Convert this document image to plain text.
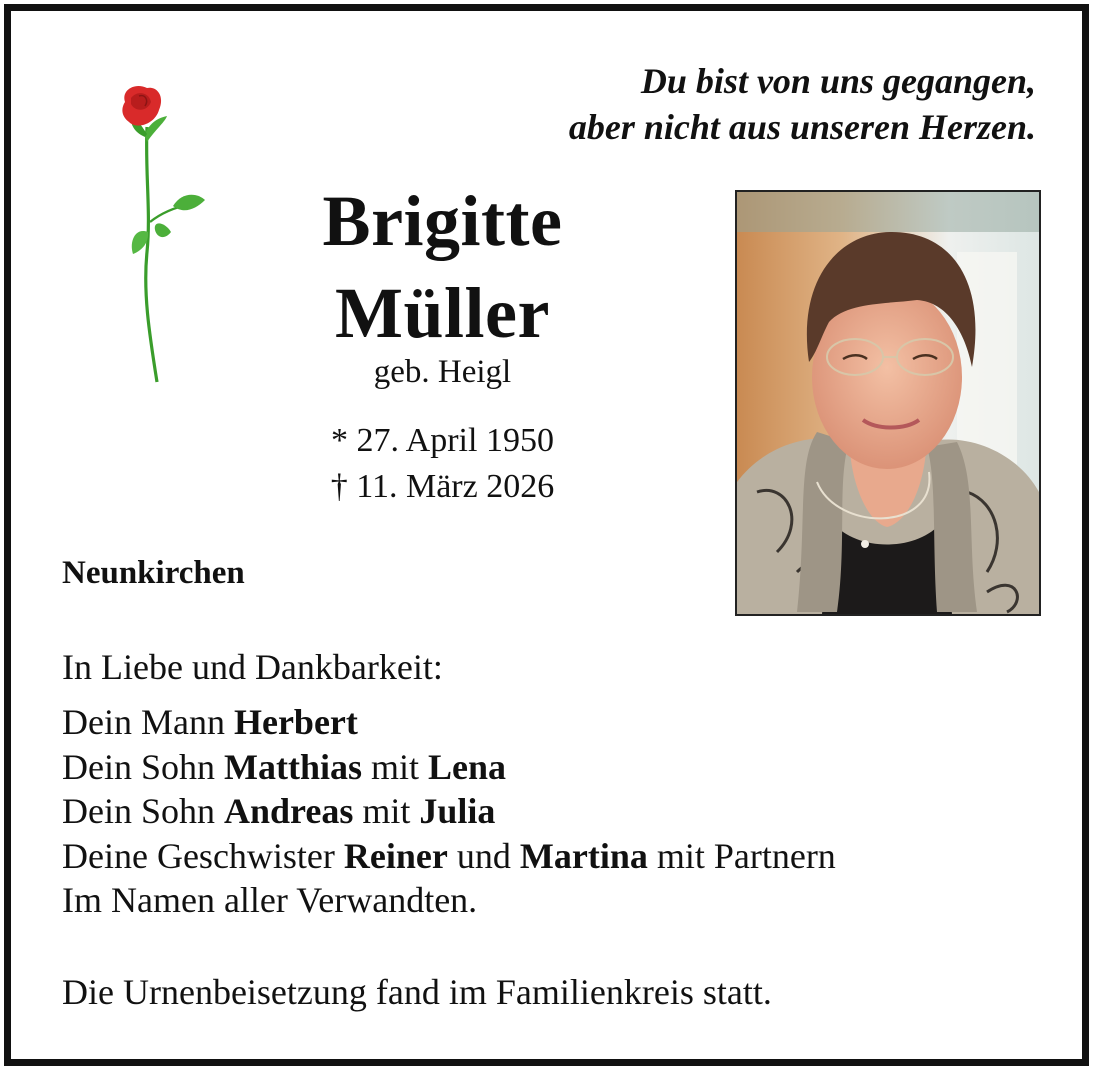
Du bist von uns gegangen,
aber nicht aus unseren Herzen.
Brigitte
Müller
geb. Heigl
* 27. April 1950
† 11. März 2026
Neunkirchen
In Liebe und Dankbarkeit:
Dein Mann Herbert
Dein Sohn Matthias mit Lena
Dein Sohn Andreas mit Julia
Deine Geschwister Reiner und Martina mit Partnern
Im Namen aller Verwandten.
Die Urnenbeisetzung fand im Familienkreis statt.
